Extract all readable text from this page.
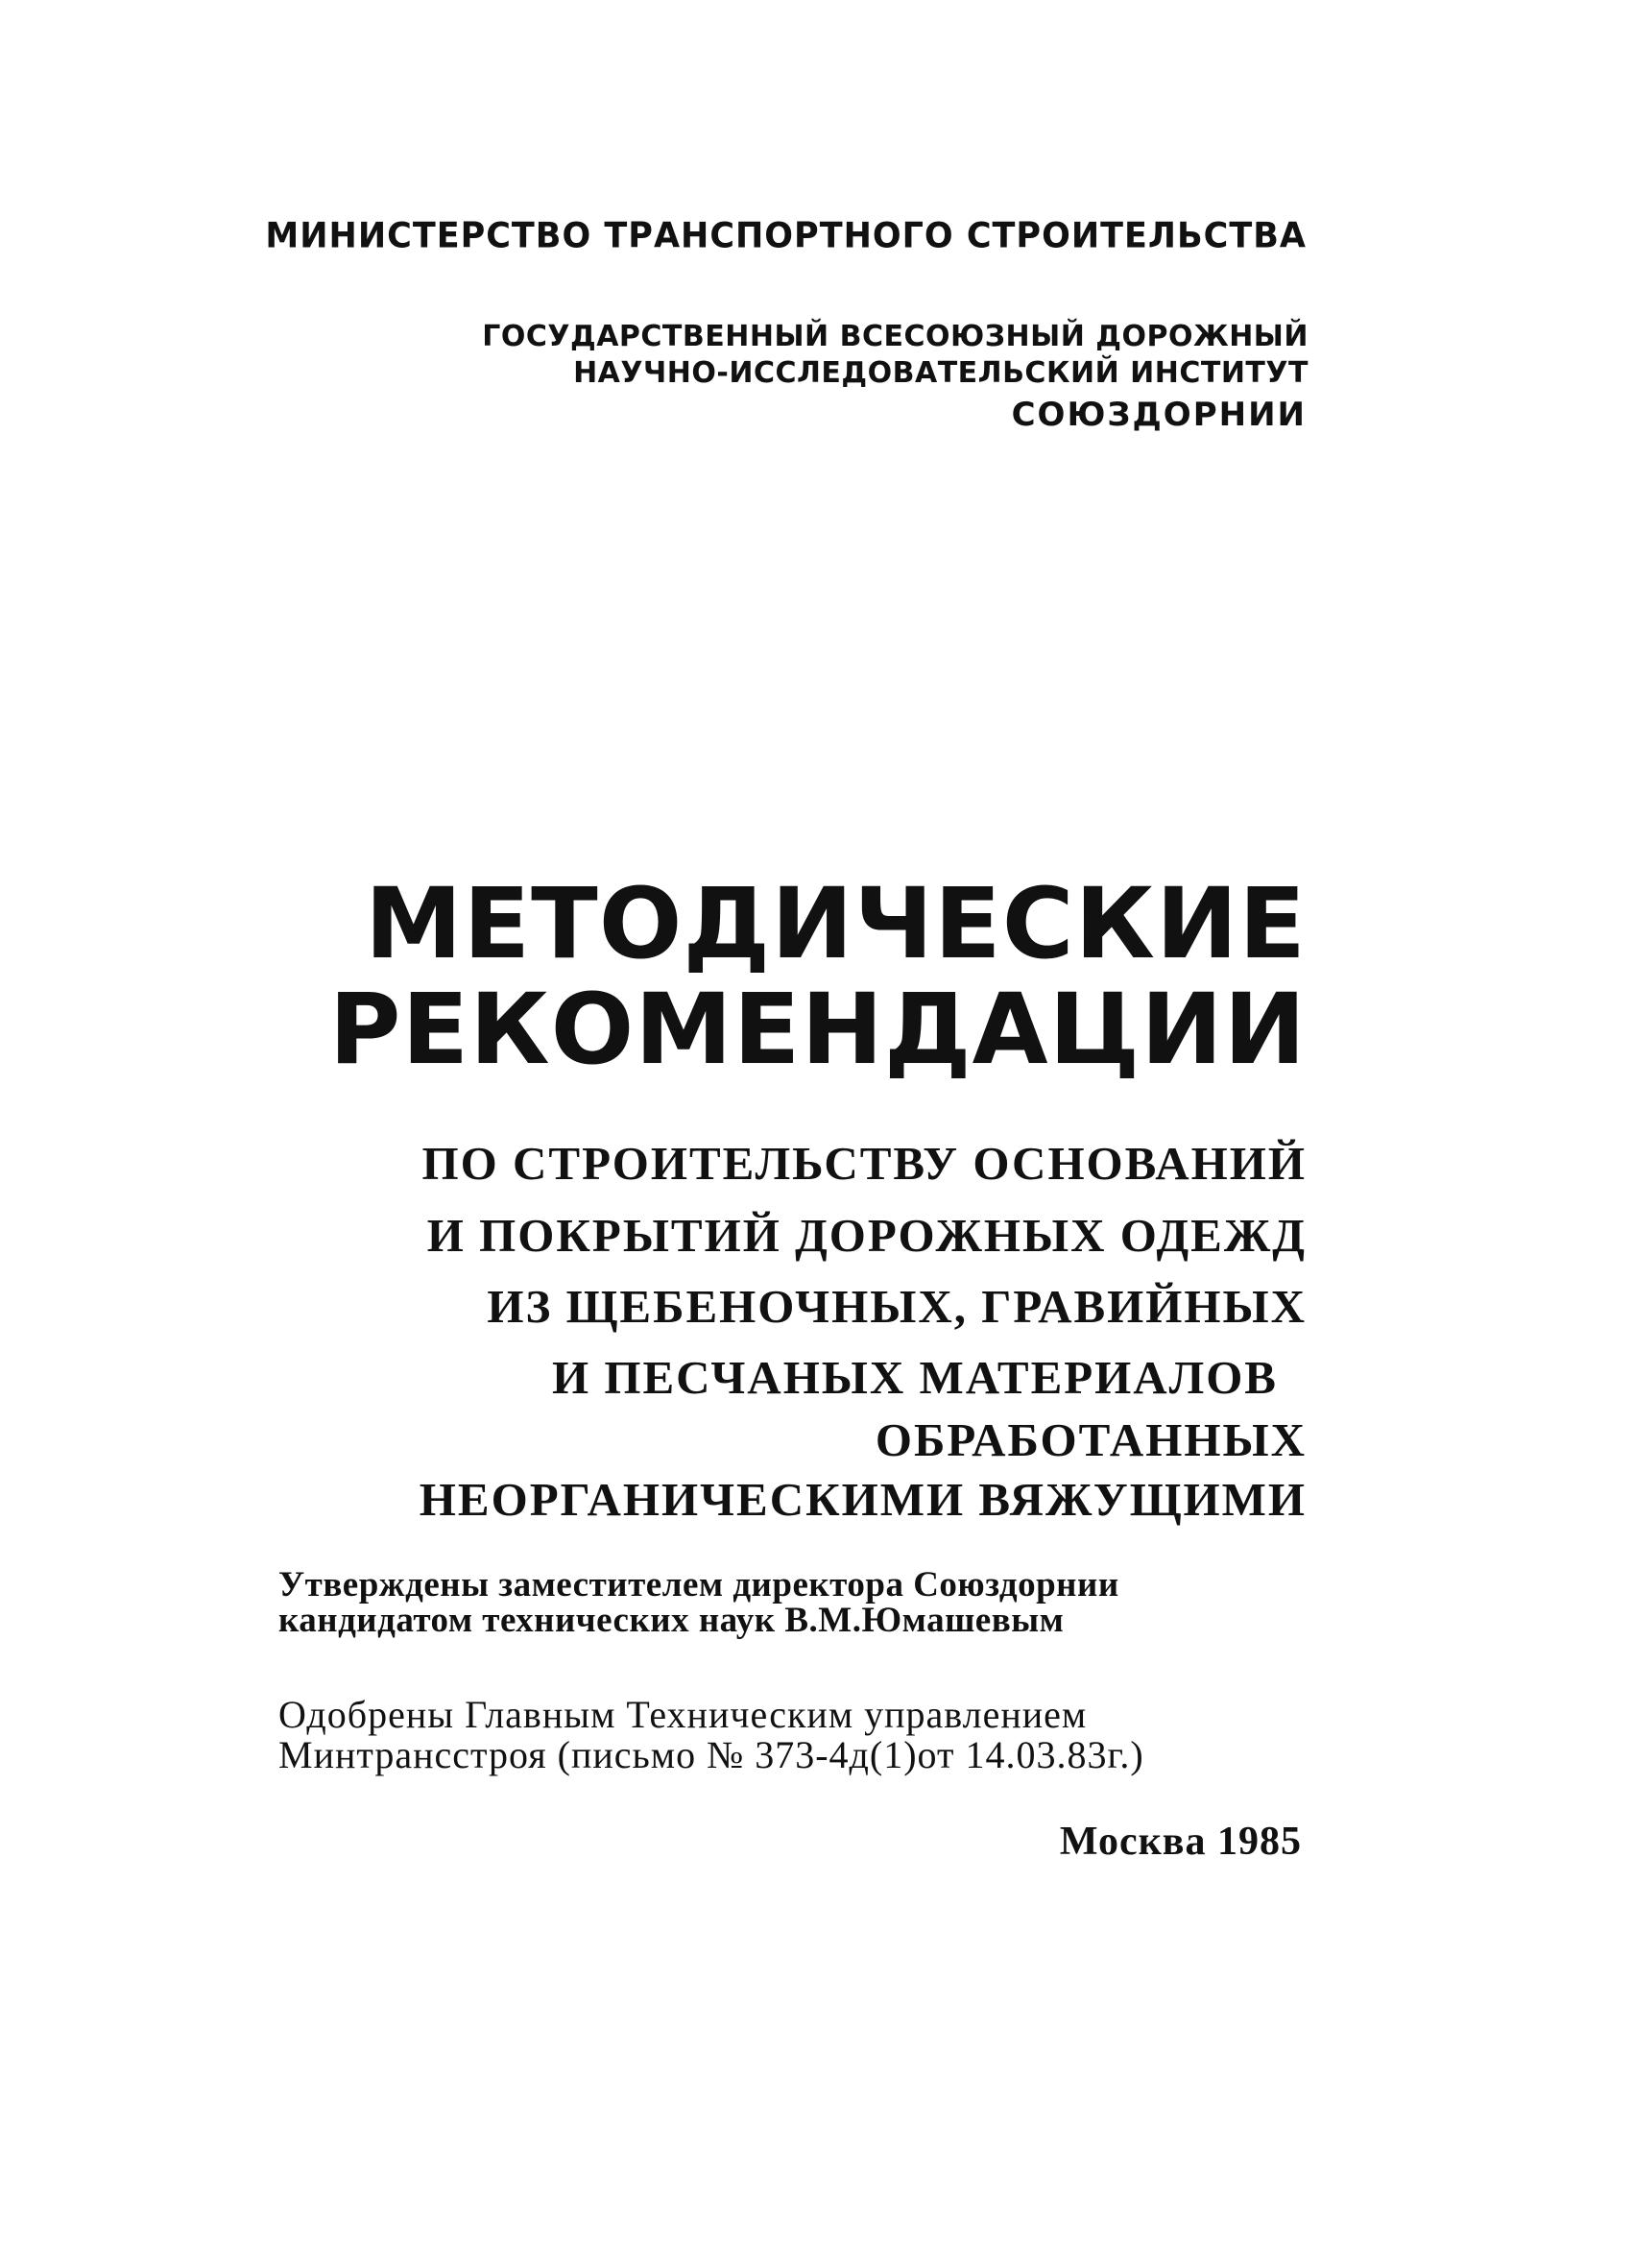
МИНИСТЕРСТВО ТРАНСПОРТНОГО СТРОИТЕЛЬСТВА

ГОСУДАРСТВЕННЫЙ ВСЕСОЮЗНЫЙ ДОРОЖНЫЙ

НАУЧНО-ИССЛЕДОВАТЕЛЬСКИЙ ИНСТИТУТ

СОЮЗДОРНИИ

МЕТОДИЧЕСКИЕ
РЕКОМЕНДАЦИИ

ПО СТРОИТЕЛЬСТВУ ОСНОВАНИЙ

И ПОКРЫТИЙ ДОРОЖНЫХ ОДЕЖД

ИЗ ЩЕБЕНОЧНЫХ, ГРАВИЙНЫХ

И ПЕСЧАНЫХ МАТЕРИАЛОВ

ОБРАБОТАННЫХ

НЕОРГАНИЧЕСКИМИ ВЯЖУЩИМИ

Утверждены заместителем директора Союздорнии

кандидатом технических наук В.М.Юмашевым

Одобрены Главным Техническим управлением

Минтрансстроя (письмо № 373-4д(1)от 14.03.83г.)

Москва 1985
